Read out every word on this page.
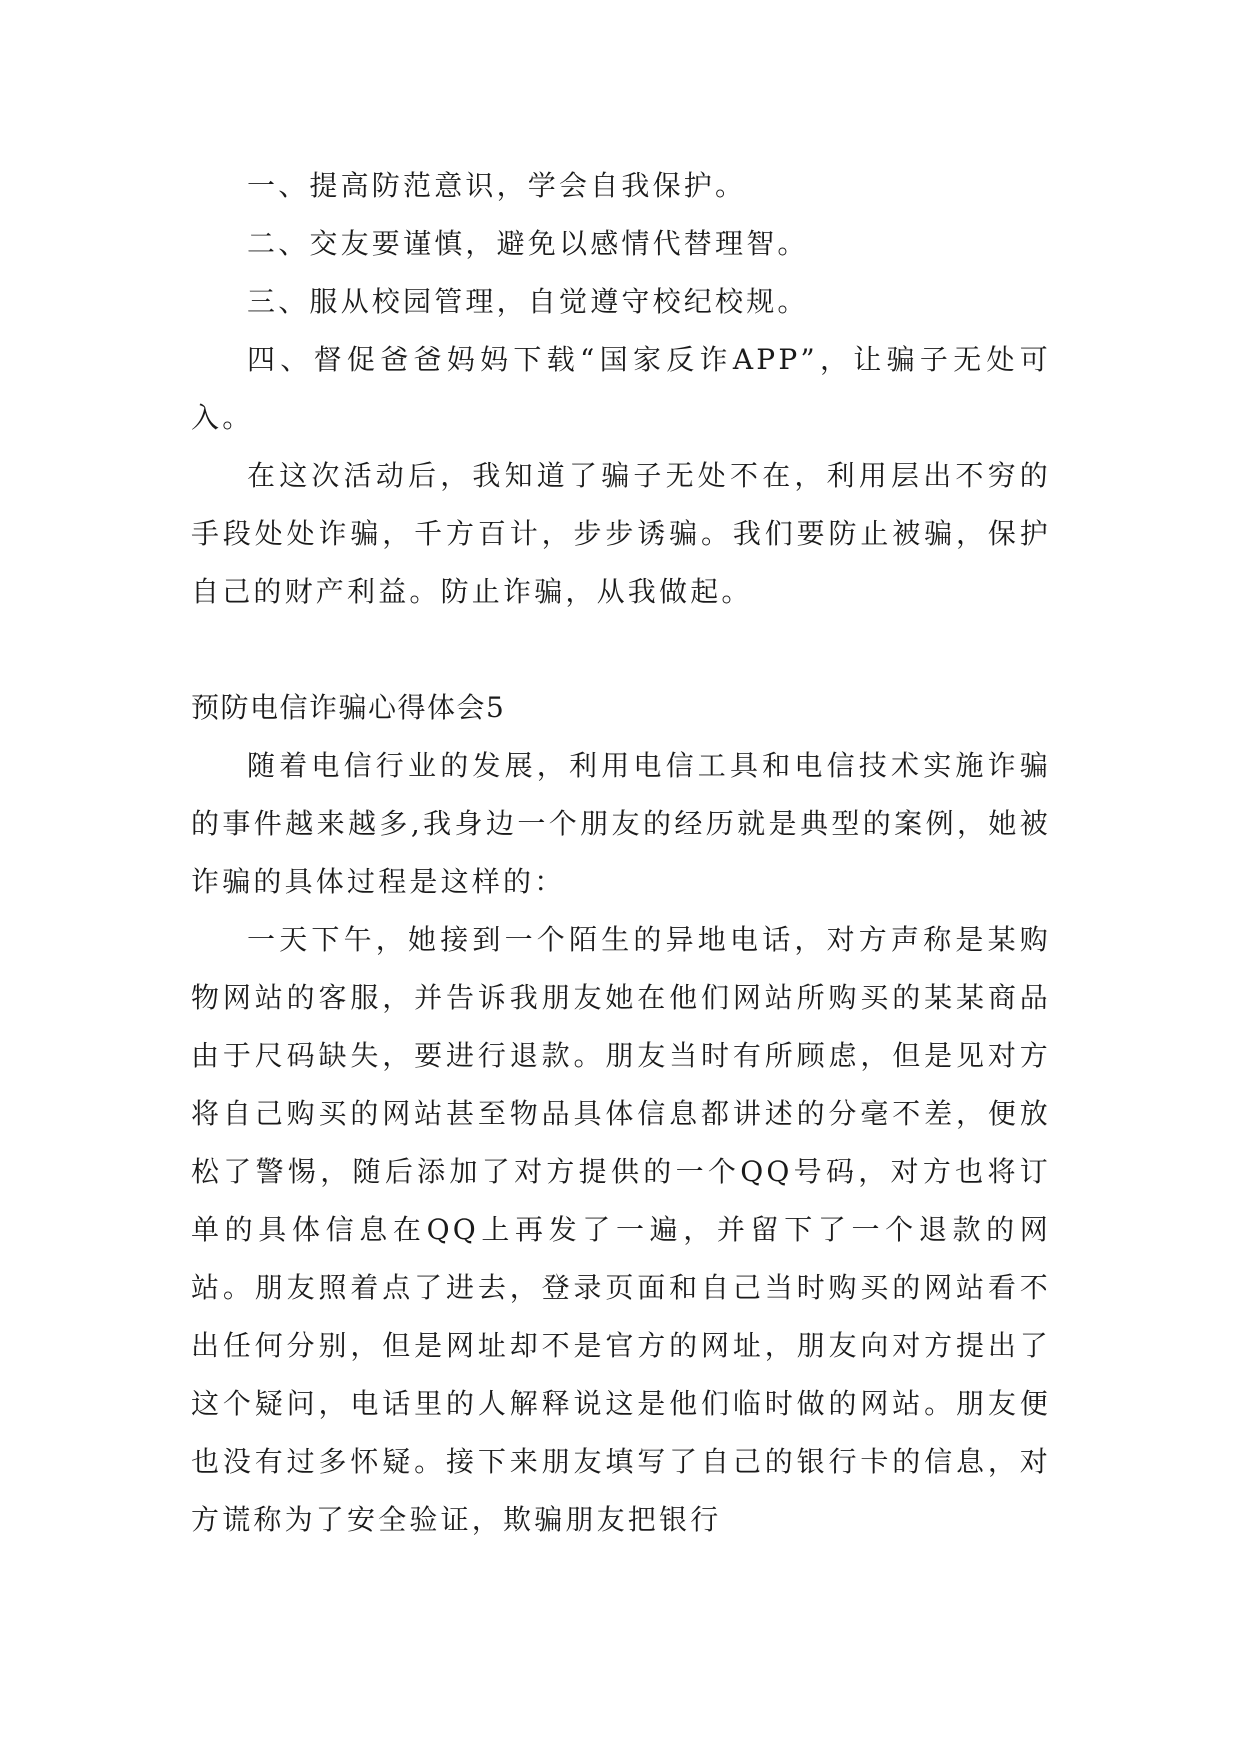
一、提高防范意识，学会自我保护。

二、交友要谨慎，避免以感情代替理智。

三、服从校园管理，自觉遵守校纪校规。

四、督促爸爸妈妈下载“国家反诈APP”，让骗子无处可入。

在这次活动后，我知道了骗子无处不在，利用层出不穷的手段处处诈骗，千方百计，步步诱骗。我们要防止被骗，保护自己的财产利益。防止诈骗，从我做起。

预防电信诈骗心得体会5

随着电信行业的发展，利用电信工具和电信技术实施诈骗的事件越来越多,我身边一个朋友的经历就是典型的案例，她被诈骗的具体过程是这样的：

一天下午，她接到一个陌生的异地电话，对方声称是某购物网站的客服，并告诉我朋友她在他们网站所购买的某某商品由于尺码缺失，要进行退款。朋友当时有所顾虑，但是见对方将自己购买的网站甚至物品具体信息都讲述的分毫不差，便放松了警惕，随后添加了对方提供的一个QQ号码，对方也将订单的具体信息在QQ上再发了一遍，并留下了一个退款的网站。朋友照着点了进去，登录页面和自己当时购买的网站看不出任何分别，但是网址却不是官方的网址，朋友向对方提出了这个疑问，电话里的人解释说这是他们临时做的网站。朋友便也没有过多怀疑。接下来朋友填写了自己的银行卡的信息，对方谎称为了安全验证，欺骗朋友把银行
